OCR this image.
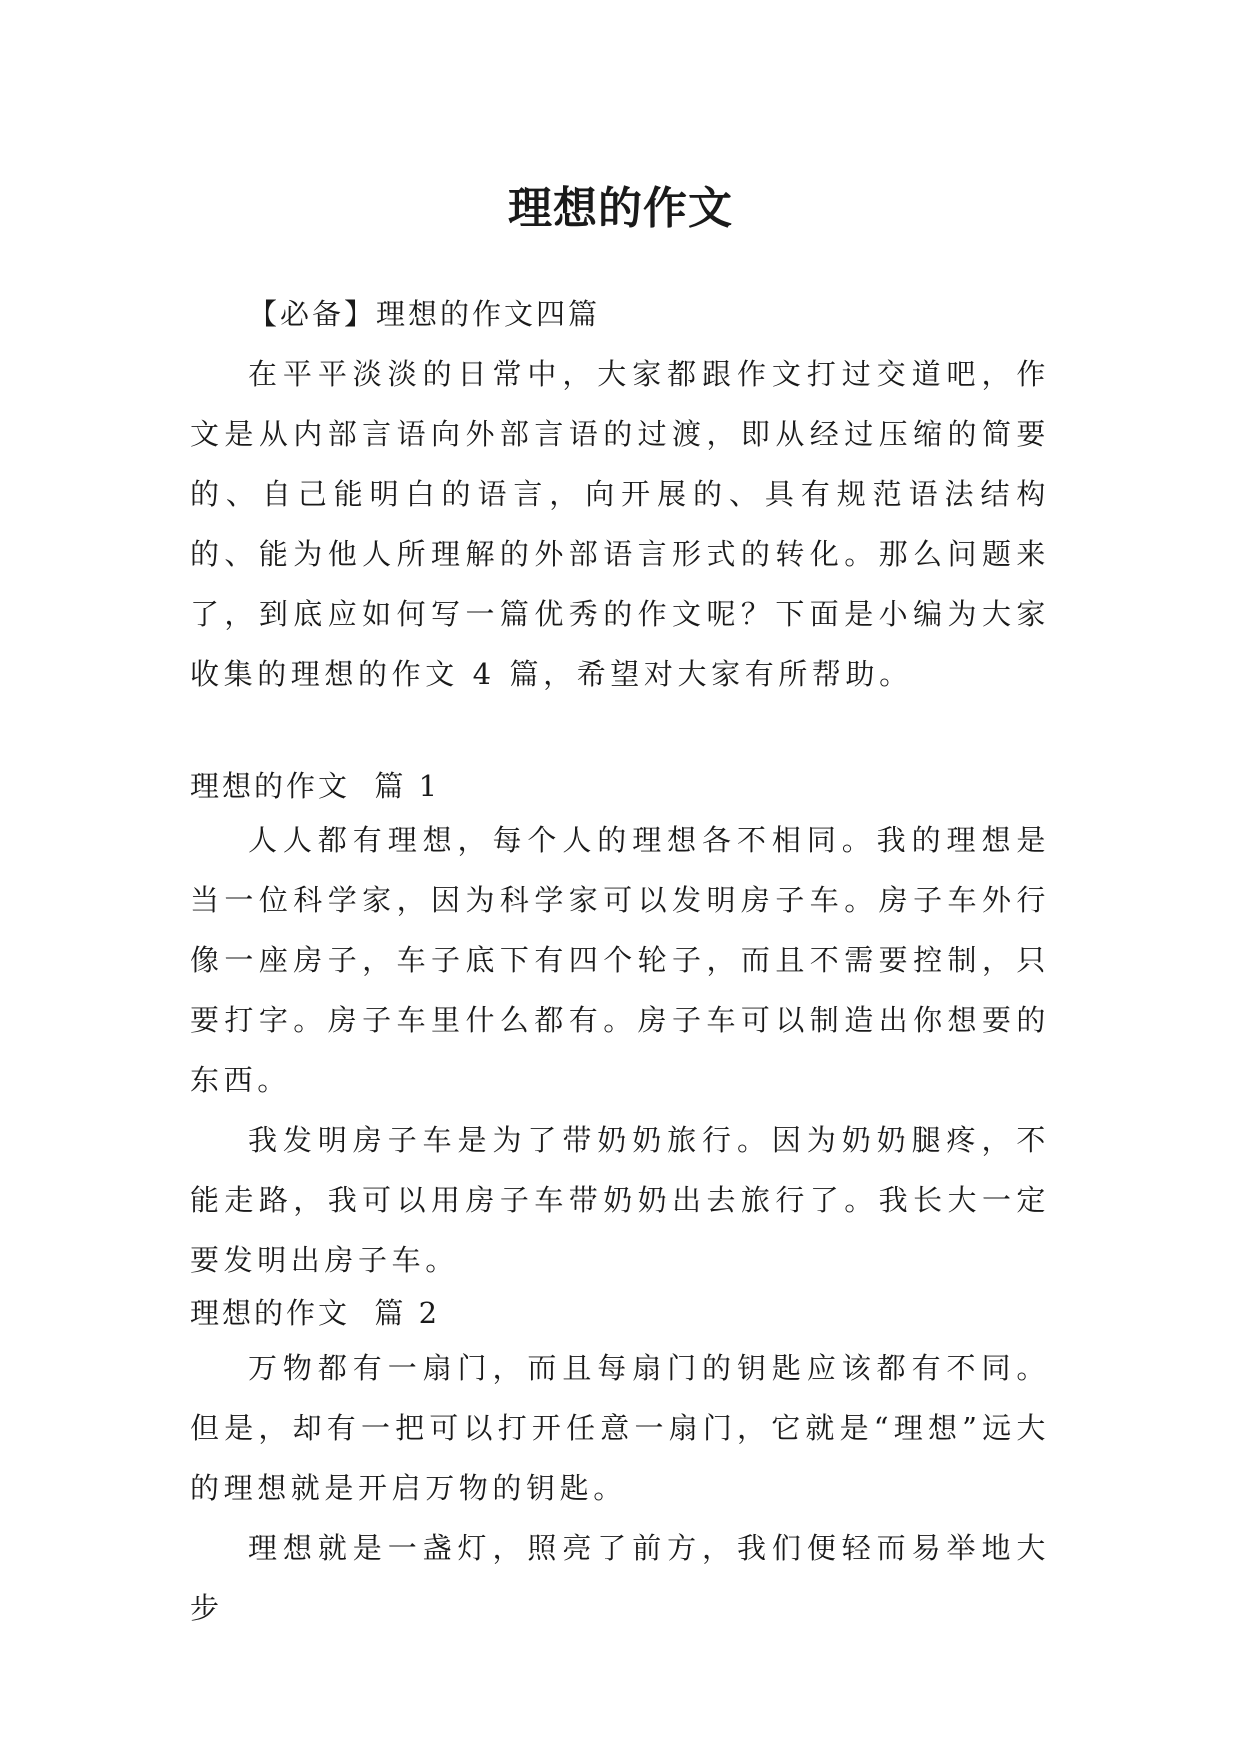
理想的作文

【必备】理想的作文四篇

在平平淡淡的日常中，大家都跟作文打过交道吧，作文是从内部言语向外部言语的过渡，即从经过压缩的简要的、自己能明白的语言，向开展的、具有规范语法结构的、能为他人所理解的外部语言形式的转化。那么问题来了，到底应如何写一篇优秀的作文呢？下面是小编为大家收集的理想的作文 4 篇，希望对大家有所帮助。

理想的作文  篇 1

人人都有理想，每个人的理想各不相同。我的理想是当一位科学家，因为科学家可以发明房子车。房子车外行像一座房子，车子底下有四个轮子，而且不需要控制，只要打字。房子车里什么都有。房子车可以制造出你想要的东西。

我发明房子车是为了带奶奶旅行。因为奶奶腿疼，不能走路，我可以用房子车带奶奶出去旅行了。我长大一定要发明出房子车。

理想的作文  篇 2

万物都有一扇门，而且每扇门的钥匙应该都有不同。但是，却有一把可以打开任意一扇门，它就是“理想”远大的理想就是开启万物的钥匙。

理想就是一盏灯，照亮了前方，我们便轻而易举地大步
